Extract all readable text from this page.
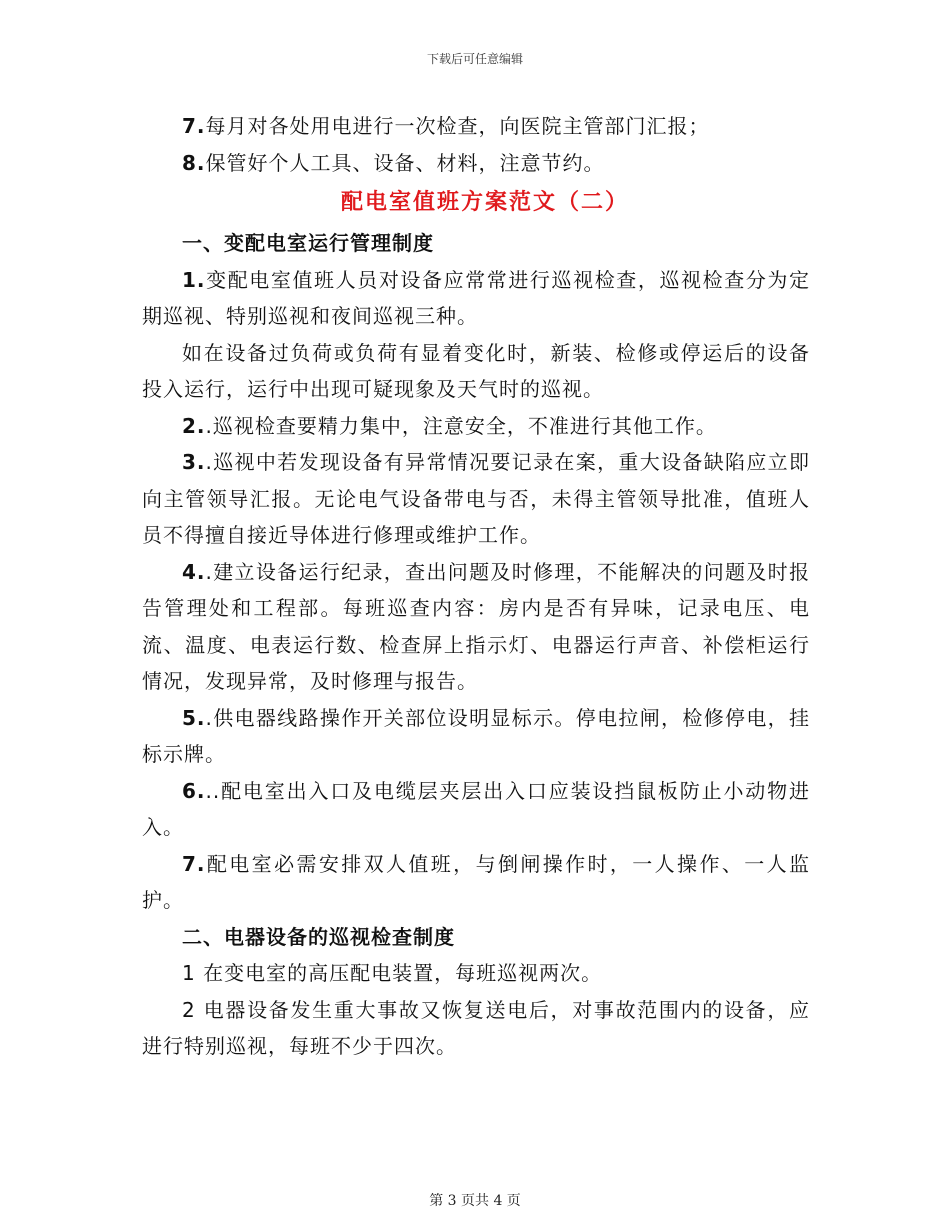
下载后可任意编辑

7.每月对各处用电进行一次检查，向医院主管部门汇报；

8.保管好个人工具、设备、材料，注意节约。

配电室值班方案范文（二）

一、变配电室运行管理制度

1.变配电室值班人员对设备应常常进行巡视检查，巡视检查分为定期巡视、特别巡视和夜间巡视三种。

如在设备过负荷或负荷有显着变化时，新装、检修或停运后的设备投入运行，运行中出现可疑现象及天气时的巡视。

2..巡视检查要精力集中，注意安全，不准进行其他工作。

3..巡视中若发现设备有异常情况要记录在案，重大设备缺陷应立即向主管领导汇报。无论电气设备带电与否，未得主管领导批准，值班人员不得擅自接近导体进行修理或维护工作。

4..建立设备运行纪录，查出问题及时修理，不能解决的问题及时报告管理处和工程部。每班巡查内容：房内是否有异味，记录电压、电流、温度、电表运行数、检查屏上指示灯、电器运行声音、补偿柜运行情况，发现异常，及时修理与报告。

5..供电器线路操作开关部位设明显标示。停电拉闸，检修停电，挂标示牌。

6...配电室出入口及电缆层夹层出入口应装设挡鼠板防止小动物进入。

7.配电室必需安排双人值班，与倒闸操作时，一人操作、一人监护。

二、电器设备的巡视检查制度

1 在变电室的高压配电装置，每班巡视两次。

2 电器设备发生重大事故又恢复送电后，对事故范围内的设备，应进行特别巡视，每班不少于四次。

第 3 页共 4 页
